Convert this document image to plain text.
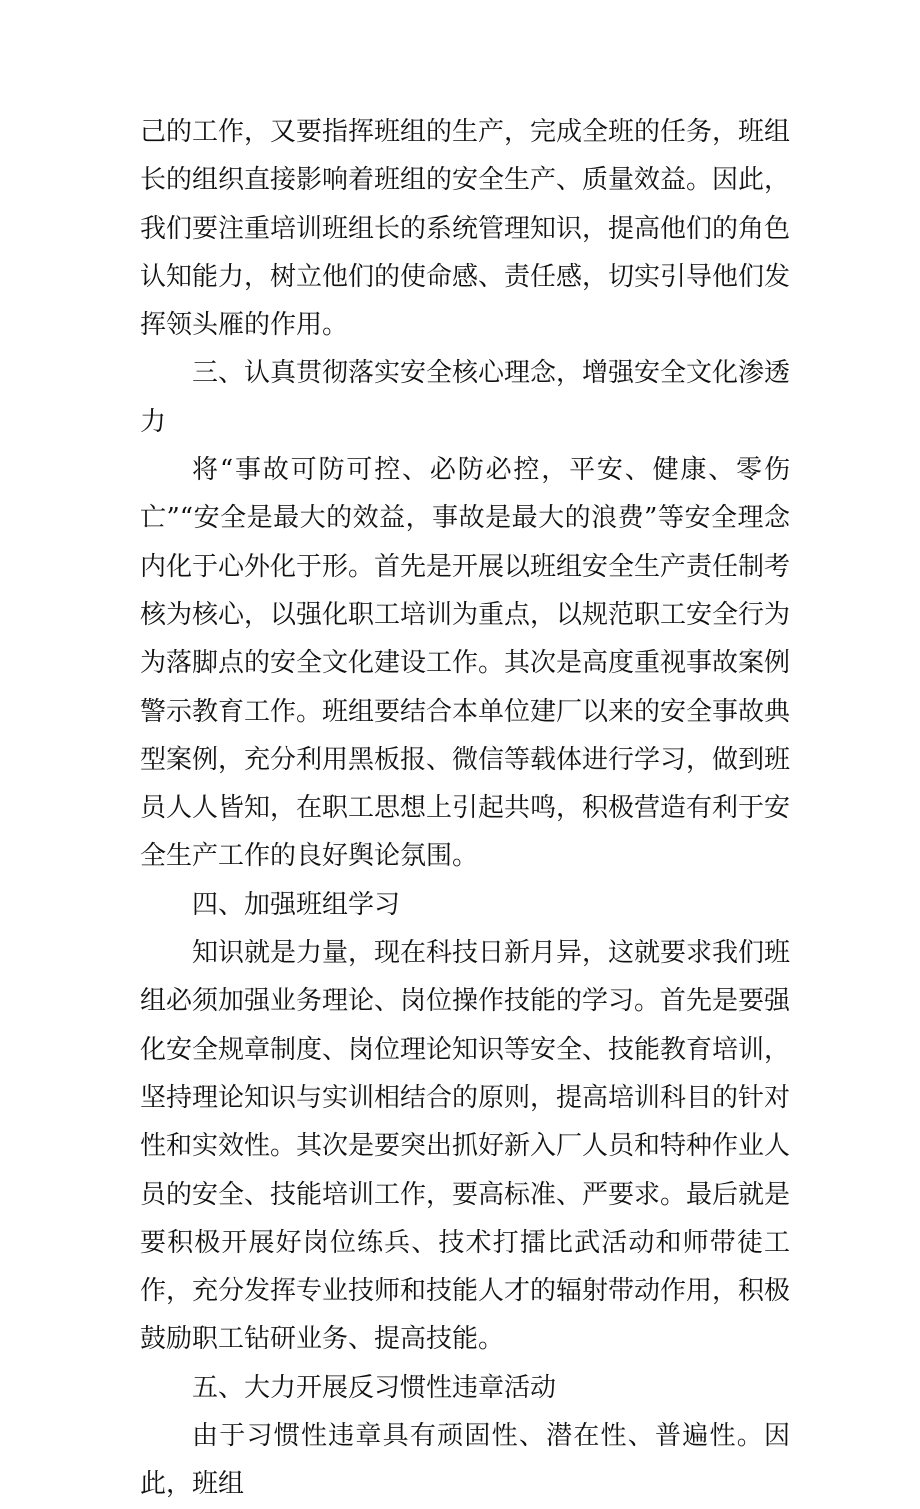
己的工作，又要指挥班组的生产，完成全班的任务，班组长的组织直接影响着班组的安全生产、质量效益。因此，我们要注重培训班组长的系统管理知识，提高他们的角色认知能力，树立他们的使命感、责任感，切实引导他们发挥领头雁的作用。

三、认真贯彻落实安全核心理念，增强安全文化渗透力

将“事故可防可控、必防必控，平安、健康、零伤亡”“安全是最大的效益，事故是最大的浪费”等安全理念内化于心外化于形。首先是开展以班组安全生产责任制考核为核心，以强化职工培训为重点，以规范职工安全行为为落脚点的安全文化建设工作。其次是高度重视事故案例警示教育工作。班组要结合本单位建厂以来的安全事故典型案例，充分利用黑板报、微信等载体进行学习，做到班员人人皆知，在职工思想上引起共鸣，积极营造有利于安全生产工作的良好舆论氛围。

四、加强班组学习

知识就是力量，现在科技日新月异，这就要求我们班组必须加强业务理论、岗位操作技能的学习。首先是要强化安全规章制度、岗位理论知识等安全、技能教育培训，坚持理论知识与实训相结合的原则，提高培训科目的针对性和实效性。其次是要突出抓好新入厂人员和特种作业人员的安全、技能培训工作，要高标准、严要求。最后就是要积极开展好岗位练兵、技术打擂比武活动和师带徒工作，充分发挥专业技师和技能人才的辐射带动作用，积极鼓励职工钻研业务、提高技能。

五、大力开展反习惯性违章活动

由于习惯性违章具有顽固性、潜在性、普遍性。因此，班组
